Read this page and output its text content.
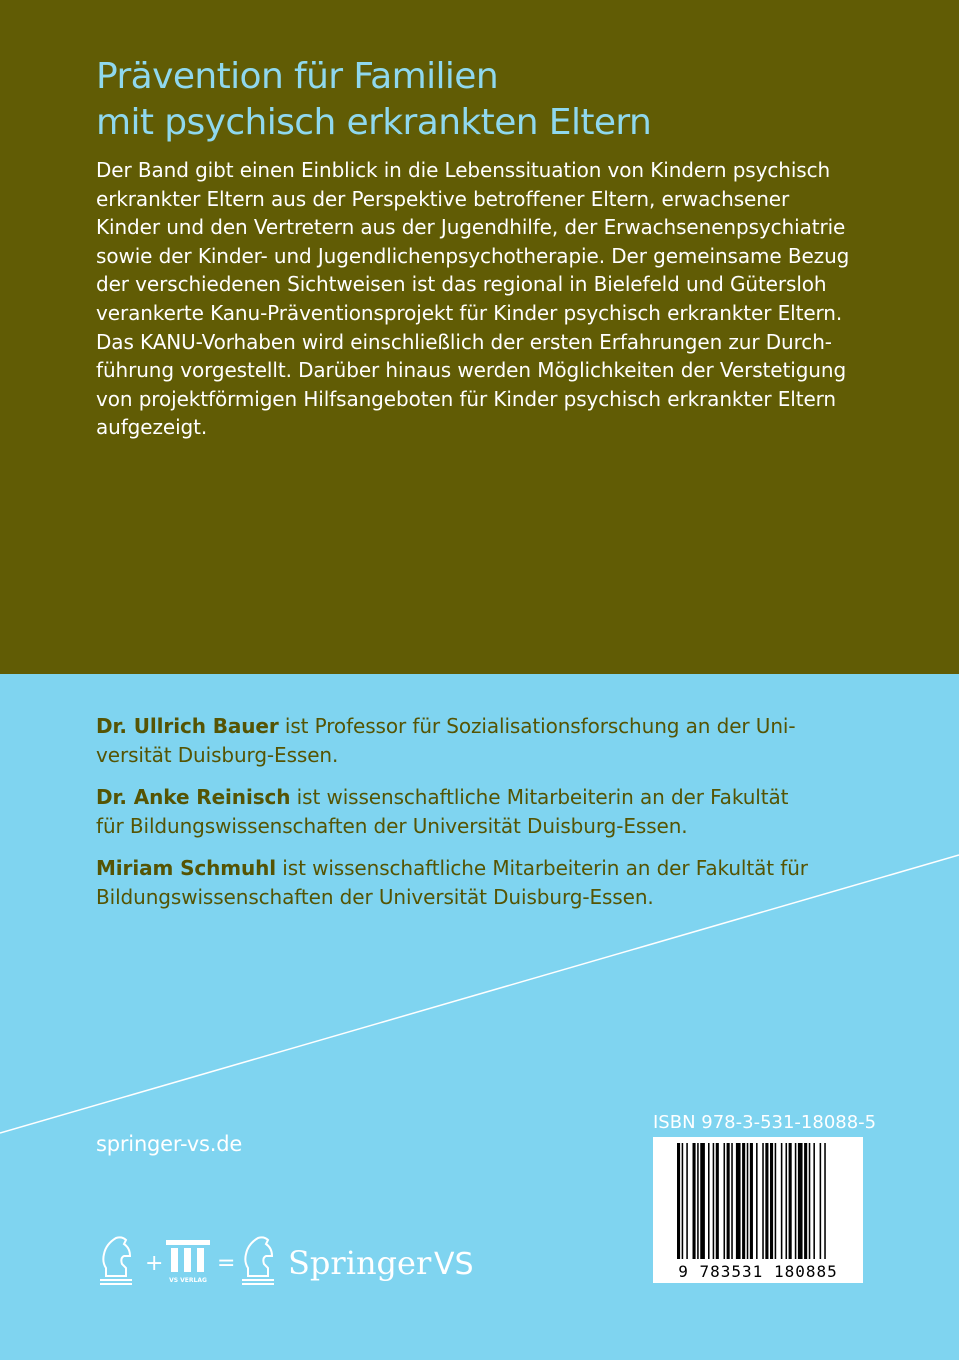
Prävention für Familien
mit psychisch erkrankten Eltern
Der Band gibt einen Einblick in die Lebenssituation von Kindern psychisch
erkrankter Eltern aus der Perspektive betroffener Eltern, erwachsener
Kinder und den Vertretern aus der Jugendhilfe, der Erwachsenenpsychiatrie
sowie der Kinder- und Jugendlichenpsychotherapie. Der gemeinsame Bezug
der verschiedenen Sichtweisen ist das regional in Bielefeld und Gütersloh
verankerte Kanu-Präventionsprojekt für Kinder psychisch erkrankter Eltern.
Das KANU-Vorhaben wird einschließlich der ersten Erfahrungen zur Durch-
führung vorgestellt. Darüber hinaus werden Möglichkeiten der Verstetigung
von projektförmigen Hilfsangeboten für Kinder psychisch erkrankter Eltern
aufgezeigt.
Dr. Ullrich Bauer ist Professor für Sozialisationsforschung an der Uni-
versität Duisburg-Essen.
Dr. Anke Reinisch ist wissenschaftliche Mitarbeiterin an der Fakultät
für Bildungswissenschaften der Universität Duisburg-Essen.
Miriam Schmuhl ist wissenschaftliche Mitarbeiterin an der Fakultät für
Bildungswissenschaften der Universität Duisburg-Essen.
springer-vs.de
+
VS VERLAG
= Springer VS
ISBN 978-3-531-18088-5
9 783531 180885
